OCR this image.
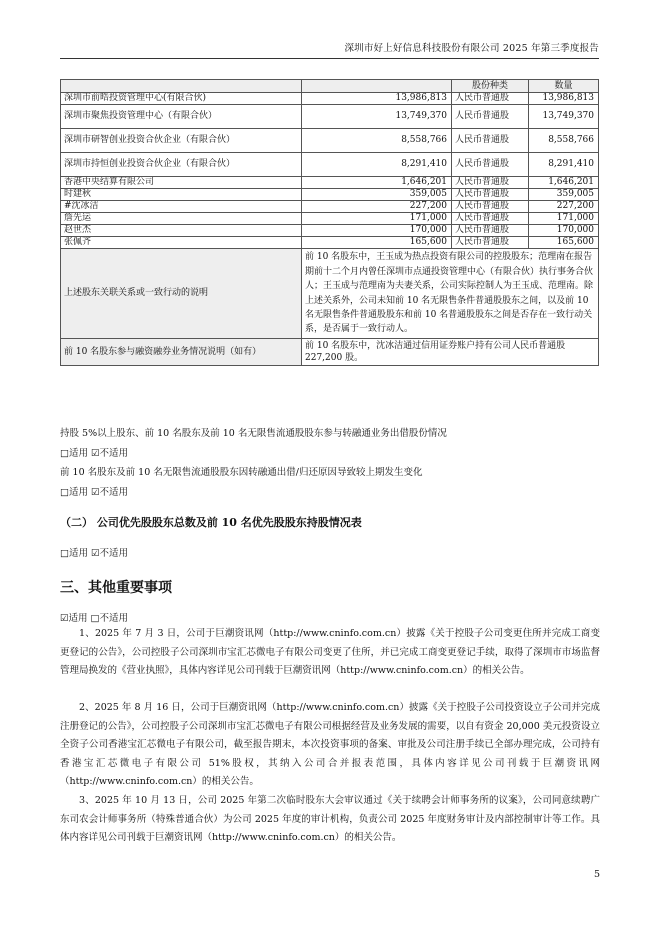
深圳市好上好信息科技股份有限公司 2025 年第三季度报告
		股份种类	数量
深圳市前晧投资管理中心(有限合伙)	13,986,813	人民币普通股	13,986,813
深圳市聚焦投资管理中心（有限合伙）	13,749,370	人民币普通股	13,749,370
深圳市研智创业投资合伙企业（有限合伙）	8,558,766	人民币普通股	8,558,766
深圳市持恒创业投资合伙企业（有限合伙）	8,291,410	人民币普通股	8,291,410
香港中央结算有限公司	1,646,201	人民币普通股	1,646,201
时建秋	359,005	人民币普通股	359,005
#沈冰洁	227,200	人民币普通股	227,200
詹先运	171,000	人民币普通股	171,000
赵世杰	170,000	人民币普通股	170,000
张佩齐	165,600	人民币普通股	165,600
上述股东关联关系或一致行动的说明	前 10 名股东中，王玉成为热点投资有限公司的控股股东；范理南在报告期前十二个月内曾任深圳市点通投资管理中心（有限合伙）执行事务合伙人；王玉成与范理南为夫妻关系，公司实际控制人为王玉成、范理南。除上述关系外，公司未知前 10 名无限售条件普通股股东之间，以及前 10 名无限售条件普通股股东和前 10 名普通股股东之间是否存在一致行动关系，是否属于一致行动人。		
前 10 名股东参与融资融券业务情况说明（如有）	前 10 名股东中，沈冰洁通过信用证券账户持有公司人民币普通股 227,200 股。		
持股 5%以上股东、前 10 名股东及前 10 名无限售流通股股东参与转融通业务出借股份情况
□适用 ☑不适用
前 10 名股东及前 10 名无限售流通股股东因转融通出借/归还原因导致较上期发生变化
□适用 ☑不适用
（二） 公司优先股股东总数及前 10 名优先股股东持股情况表
□适用 ☑不适用
三、其他重要事项
☑适用 □不适用
1、2025 年 7 月 3 日，公司于巨潮资讯网（http://www.cninfo.com.cn）披露《关于控股子公司变更住所并完成工商变更登记的公告》，公司控股子公司深圳市宝汇芯微电子有限公司变更了住所，并已完成工商变更登记手续，取得了深圳市市场监督管理局换发的《营业执照》，具体内容详见公司刊载于巨潮资讯网（http://www.cninfo.com.cn）的相关公告。
2、2025 年 8 月 16 日，公司于巨潮资讯网（http://www.cninfo.com.cn）披露《关于控股子公司投资设立子公司并完成注册登记的公告》，公司控股子公司深圳市宝汇芯微电子有限公司根据经营及业务发展的需要，以自有资金 20,000 美元投资设立全资子公司香港宝汇芯微电子有限公司，截至报告期末，本次投资事项的备案、审批及公司注册手续已全部办理完成，公司持有香港宝汇芯微电子有限公司 51%股权，其纳入公司合并报表范围，具体内容详见公司刊载于巨潮资讯网（http://www.cninfo.com.cn）的相关公告。
3、2025 年 10 月 13 日，公司 2025 年第二次临时股东大会审议通过《关于续聘会计师事务所的议案》，公司同意续聘广东司农会计师事务所（特殊普通合伙）为公司 2025 年度的审计机构，负责公司 2025 年度财务审计及内部控制审计等工作。具体内容详见公司刊载于巨潮资讯网（http://www.cninfo.com.cn）的相关公告。
5
